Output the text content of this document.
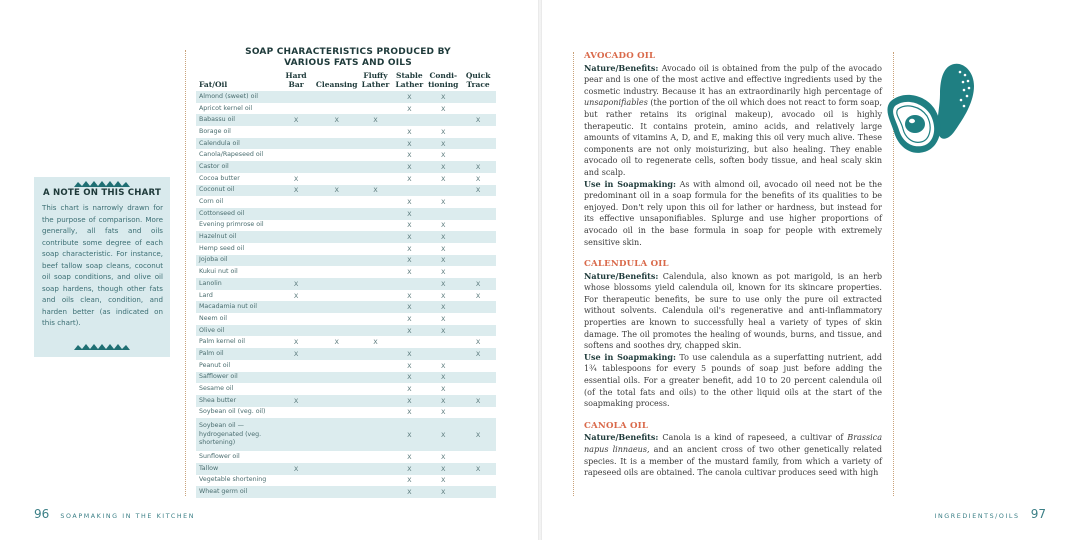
SOAP CHARACTERISTICS PRODUCED BY
VARIOUS FATS AND OILS
Fat/Oil	Hard Bar	Cleansing	Fluffy Lather	Stable Lather	Condi-tioning	Quick Trace
Almond (sweet) oil				X	X	
Apricot kernel oil				X	X	
Babassu oil	X	X	X			X
Borage oil				X	X	
Calendula oil				X	X	
Canola/Rapeseed oil				X	X	
Castor oil				X	X	X
Cocoa butter	X			X	X	X
Coconut oil	X	X	X			X
Corn oil				X	X	
Cottonseed oil				X		
Evening primrose oil				X	X	
Hazelnut oil				X	X	
Hemp seed oil				X	X	
Jojoba oil				X	X	
Kukui nut oil				X	X	
Lanolin	X				X	X
Lard	X			X	X	X
Macadamia nut oil				X	X	
Neem oil				X	X	
Olive oil				X	X	
Palm kernel oil	X	X	X			X
Palm oil	X			X		X
Peanut oil				X	X	
Safflower oil				X	X	
Sesame oil				X	X	
Shea butter	X			X	X	X
Soybean oil (veg. oil)				X	X	
Soybean oil — hydrogenated (veg. shortening)				X	X	X
Sunflower oil				X	X	
Tallow	X			X	X	X
Vegetable shortening				X	X	
Wheat germ oil				X	X	
A NOTE ON THIS CHART
This chart is narrowly drawn for the purpose of comparison. More generally, all fats and oils contribute some degree of each soap characteristic. For instance, beef tallow soap cleans, coconut oil soap conditions, and olive oil soap hardens, though other fats and oils clean, condition, and harden better (as indicated on this chart).
96 SOAPMAKING IN THE KITCHEN
AVOCADO OIL

Nature/Benefits: Avocado oil is obtained from the pulp of the avocado pear and is one of the most active and effective ingredients used by the cosmetic industry. Because it has an extraordinarily high percentage of unsaponifiables (the portion of the oil which does not react to form soap, but rather retains its original makeup), avocado oil is highly therapeutic. It contains protein, amino acids, and relatively large amounts of vitamins A, D, and E, making this oil very much alive. These components are not only moisturizing, but also healing. They enable avocado oil to regenerate cells, soften body tissue, and heal scaly skin and scalp.

Use in Soapmaking: As with almond oil, avocado oil need not be the predominant oil in a soap formula for the benefits of its qualities to be enjoyed. Don't rely upon this oil for lather or hardness, but instead for its effective unsaponifiables. Splurge and use higher proportions of avocado oil in the base formula in soap for people with extremely sensitive skin.

CALENDULA OIL

Nature/Benefits: Calendula, also known as pot marigold, is an herb whose blossoms yield calendula oil, known for its skincare properties. For therapeutic benefits, be sure to use only the pure oil extracted without solvents. Calendula oil's regenerative and anti-inflammatory properties are known to successfully heal a variety of types of skin damage. The oil promotes the healing of wounds, burns, and tissue, and softens and soothes dry, chapped skin.

Use in Soapmaking: To use calendula as a superfatting nutrient, add 1¾ tablespoons for every 5 pounds of soap just before adding the essential oils. For a greater benefit, add 10 to 20 percent calendula oil (of the total fats and oils) to the other liquid oils at the start of the soapmaking process.

CANOLA OIL

Nature/Benefits: Canola is a kind of rapeseed, a cultivar of Brassica napus linnaeus, and an ancient cross of two other genetically related species. It is a member of the mustard family, from which a variety of rapeseed oils are obtained. The canola cultivar produces seed with high

INGREDIENTS/OILS 97
